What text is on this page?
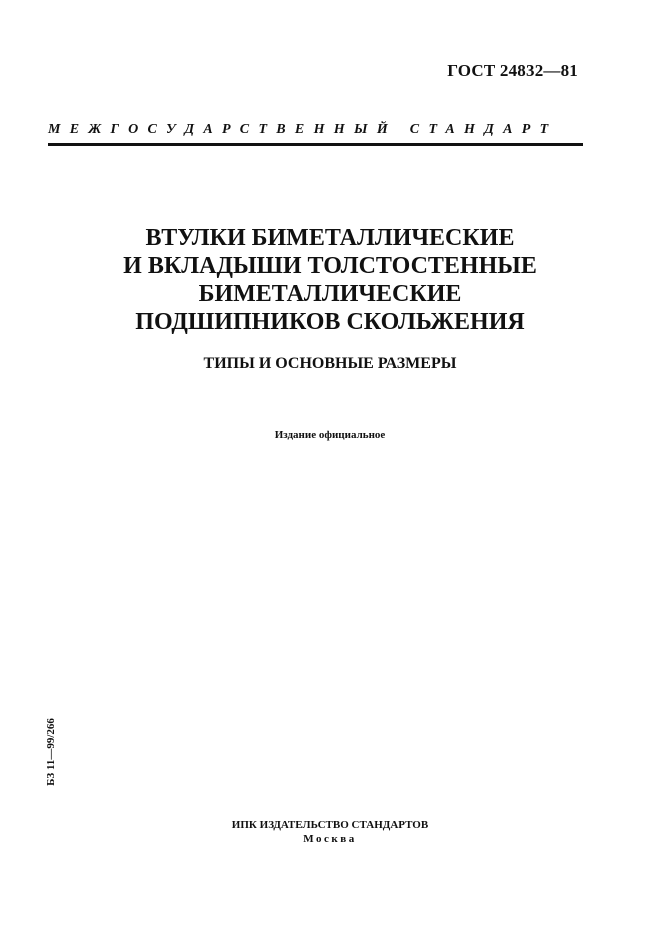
ГОСТ 24832—81
МЕЖГОСУДАРСТВЕННЫЙ СТАНДАРТ
ВТУЛКИ БИМЕТАЛЛИЧЕСКИЕ
И ВКЛАДЫШИ ТОЛСТОСТЕННЫЕ
БИМЕТАЛЛИЧЕСКИЕ
ПОДШИПНИКОВ СКОЛЬЖЕНИЯ
ТИПЫ И ОСНОВНЫЕ РАЗМЕРЫ
Издание официальное
БЗ 11—99/266
ИПК ИЗДАТЕЛЬСТВО СТАНДАРТОВ
Москва
